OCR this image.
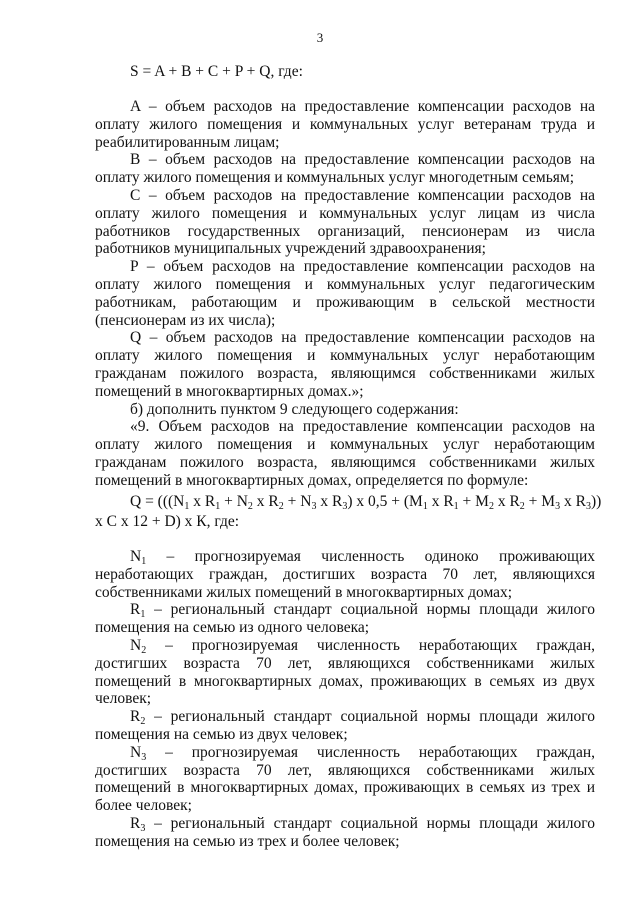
3
S = A + B + C + P + Q, где:

A – объем расходов на предоставление компенсации расходов на оплату жилого помещения и коммунальных услуг ветеранам труда и реабилитированным лицам;

B – объем расходов на предоставление компенсации расходов на оплату жилого помещения и коммунальных услуг многодетным семьям;

C – объем расходов на предоставление компенсации расходов на оплату жилого помещения и коммунальных услуг лицам из числа работников государственных организаций, пенсионерам из числа работников муниципальных учреждений здравоохранения;

P – объем расходов на предоставление компенсации расходов на оплату жилого помещения и коммунальных услуг педагогическим работникам, работающим и проживающим в сельской местности (пенсионерам из их числа);

Q – объем расходов на предоставление компенсации расходов на оплату жилого помещения и коммунальных услуг неработающим гражданам пожилого возраста, являющимся собственниками жилых помещений в многоквартирных домах.»;

б) дополнить пунктом 9 следующего содержания:

«9. Объем расходов на предоставление компенсации расходов на оплату жилого помещения и коммунальных услуг неработающим гражданам пожилого возраста, являющимся собственниками жилых помещений в многоквартирных домах, определяется по формуле:

$Q = (((N_1$ x $R_1 + N_2$ x $R_2 + N_3$ x $R_3$) x $0,5 + (M_1$ x $R_1 + M_2$ x $R_2 + M_3$ x $R_3$))
x C x 12 + D) x К, где:

$N_1$ – прогнозируемая численность одиноко проживающих неработающих граждан, достигших возраста 70 лет, являющихся собственниками жилых помещений в многоквартирных домах;

$R_1$ – региональный стандарт социальной нормы площади жилого помещения на семью из одного человека;

$N_2$ – прогнозируемая численность неработающих граждан, достигших возраста 70 лет, являющихся собственниками жилых помещений в многоквартирных домах, проживающих в семьях из двух человек;

$R_2$ – региональный стандарт социальной нормы площади жилого помещения на семью из двух человек;

$N_3$ – прогнозируемая численность неработающих граждан, достигших возраста 70 лет, являющихся собственниками жилых помещений в многоквартирных домах, проживающих в семьях из трех и более человек;

$R_3$ – региональный стандарт социальной нормы площади жилого помещения на семью из трех и более человек;
